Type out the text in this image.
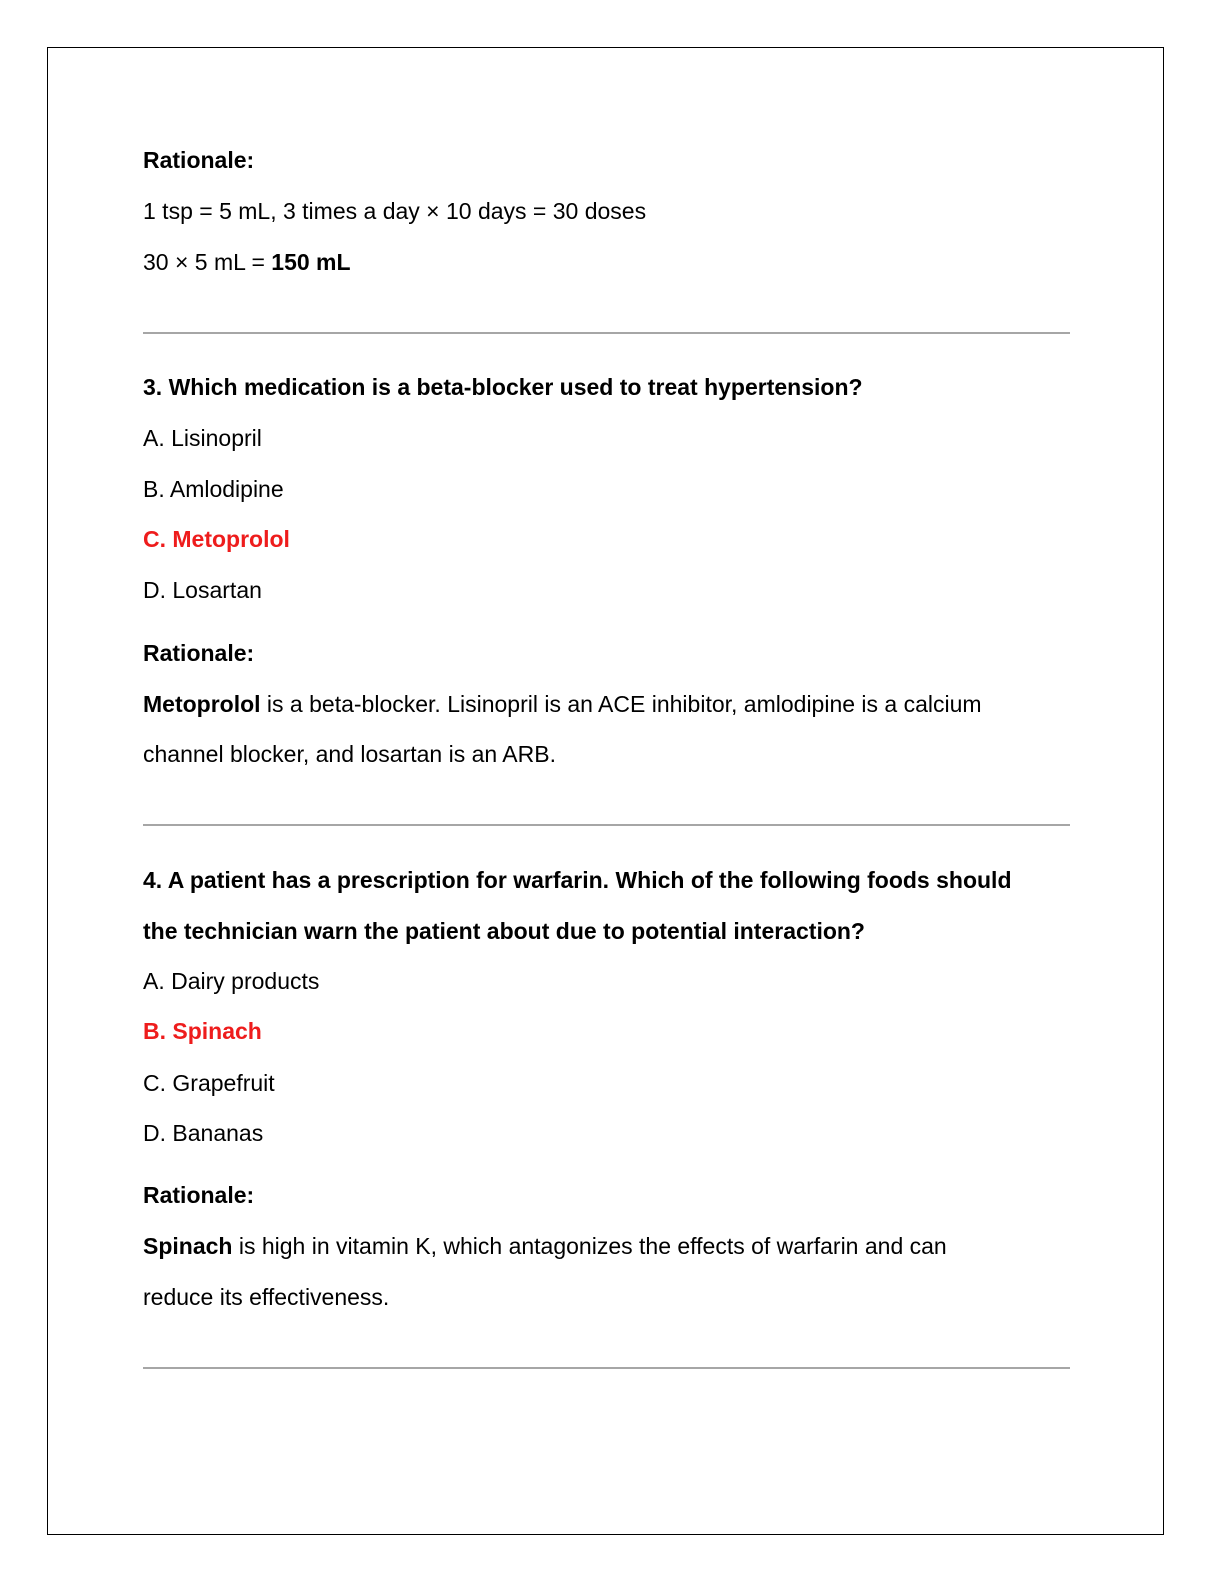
Rationale:
1 tsp = 5 mL, 3 times a day × 10 days = 30 doses
30 × 5 mL = 150 mL
3. Which medication is a beta-blocker used to treat hypertension?
A. Lisinopril
B. Amlodipine
C. Metoprolol
D. Losartan
Rationale:
Metoprolol is a beta-blocker. Lisinopril is an ACE inhibitor, amlodipine is a calcium
channel blocker, and losartan is an ARB.
4. A patient has a prescription for warfarin. Which of the following foods should
the technician warn the patient about due to potential interaction?
A. Dairy products
B. Spinach
C. Grapefruit
D. Bananas
Rationale:
Spinach is high in vitamin K, which antagonizes the effects of warfarin and can
reduce its effectiveness.
